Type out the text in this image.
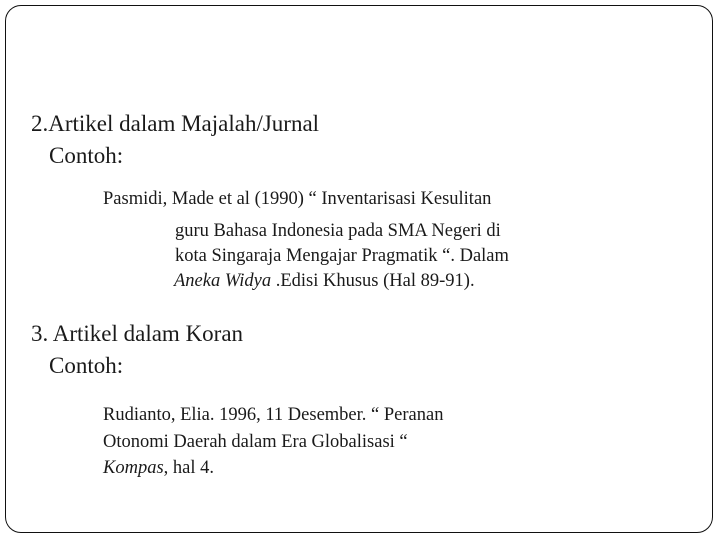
2.Artikel dalam Majalah/Jurnal
Contoh:
Pasmidi, Made et al (1990) “ Inventarisasi Kesulitan
guru Bahasa Indonesia pada SMA Negeri di
kota Singaraja Mengajar Pragmatik “. Dalam
Aneka Widya .Edisi Khusus (Hal 89-91).
3. Artikel dalam Koran
Contoh:
Rudianto, Elia. 1996, 11 Desember. “ Peranan
Otonomi Daerah dalam Era Globalisasi “
Kompas, hal 4.
